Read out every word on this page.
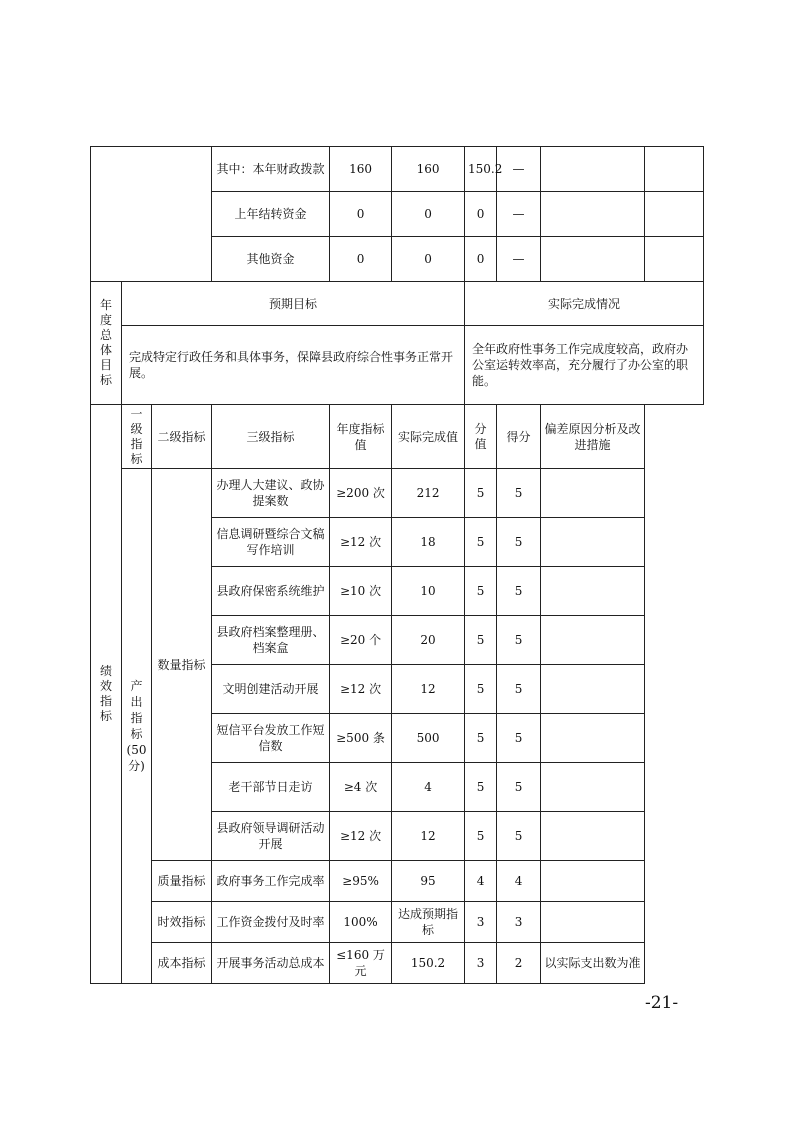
			其中：本年财政拨款	160	160	150.2	—		
			上年结转资金	0	0	0	—		
			其他资金	0	0	0	—		
年度总体目标	预期目标					实际完成情况			

	完成特定行政任务和具体事务，保障县政府综合性事务正常开展。					全年政府性事务工作完成度较高，政府办公室运转效率高，充分履行了办公室的职能。			

绩效指标	一级指标	二级指标	三级指标	年度指标值	实际完成值	分值	得分	偏差原因分析及改进措施	
	产出指标(50分)	数量指标	办理人大建议、政协提案数	≥200 次	212	5	5		
			信息调研暨综合文稿写作培训	≥12 次	18	5	5		
			县政府保密系统维护	≥10 次	10	5	5		
			县政府档案整理册、档案盒	≥20 个	20	5	5		
			文明创建活动开展	≥12 次	12	5	5		
			短信平台发放工作短信数	≥500 条	500	5	5		
			老干部节日走访	≥4 次	4	5	5		
			县政府领导调研活动开展	≥12 次	12	5	5		
		质量指标	政府事务工作完成率	≥95%	95	4	4		
		时效指标	工作资金拨付及时率	100%	达成预期指标	3	3		
		成本指标	开展事务活动总成本	≤160 万元	150.2	3	2	以实际支出数为准	
-21-
